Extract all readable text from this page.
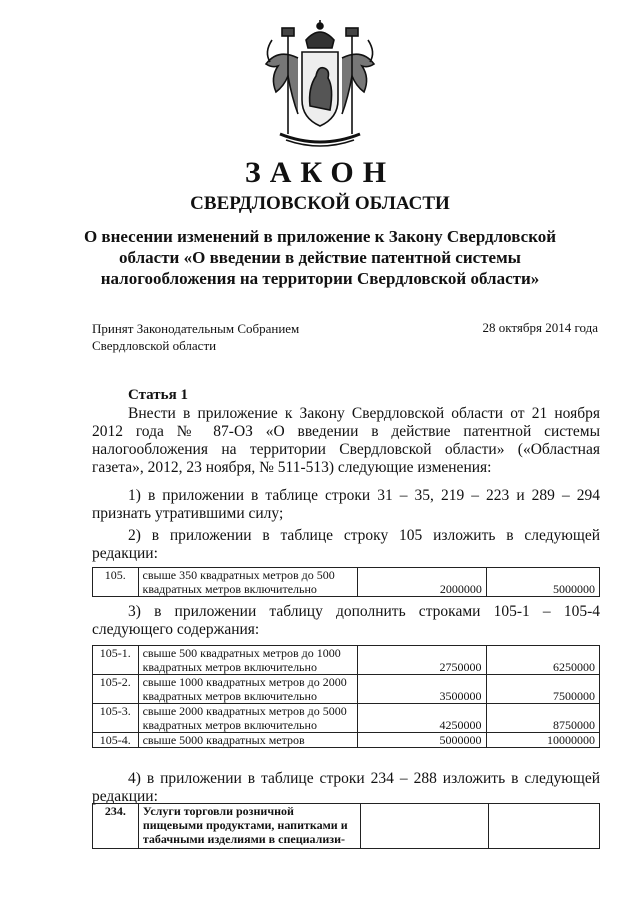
ЗАКОН
СВЕРДЛОВСКОЙ ОБЛАСТИ
О внесении изменений в приложение к Закону Свердловской области «О введении в действие патентной системы налогообложения на территории Свердловской области»
Принят Законодательным Собранием Свердловской области
28 октября 2014 года
Статья 1
Внести в приложение к Закону Свердловской области от 21 ноября 2012 года № 87-ОЗ «О введении в действие патентной системы налогообложения на территории Свердловской области» («Областная газета», 2012, 23 ноября, № 511-513) следующие изменения:
1) в приложении в таблице строки 31 – 35, 219 – 223 и 289 – 294 признать утратившими силу;
2) в приложении в таблице строку 105 изложить в следующей редакции:
105.	свыше 350 квадратных метров до 500 квадратных метров включительно	2000000	5000000
3) в приложении таблицу дополнить строками 105-1 – 105-4 следующего содержания:
105-1.	свыше 500 квадратных метров до 1000 квадратных метров включительно	2750000	6250000
105-2.	свыше 1000 квадратных метров до 2000 квадратных метров включительно	3500000	7500000
105-3.	свыше 2000 квадратных метров до 5000 квадратных метров включительно	4250000	8750000
105-4.	свыше 5000 квадратных метров	5000000	10000000
4) в приложении в таблице строки 234 – 288 изложить в следующей редакции:
234.	Услуги торговли розничной пищевыми продуктами, напитками и табачными изделиями в специализи-		
